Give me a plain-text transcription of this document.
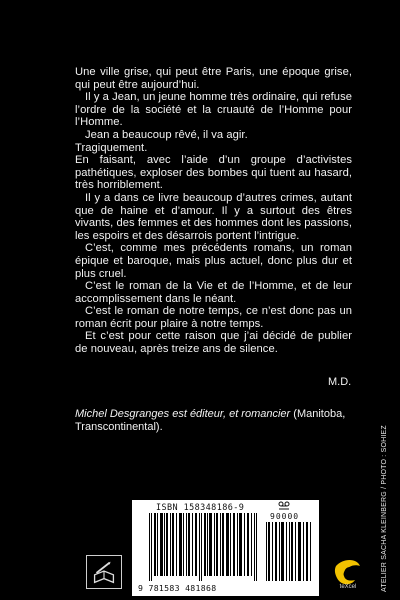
Une ville grise, qui peut être Paris, une époque grise, qui peut être aujourd’hui.

Il y a Jean, un jeune homme très ordinaire, qui refuse l’ordre de la société et la cruauté de l’Homme pour l’Homme.

Jean a beaucoup rêvé, il va agir.

Tragiquement.

En faisant, avec l’aide d’un groupe d’activistes pathétiques, exploser des bombes qui tuent au hasard, très horriblement.

Il y a dans ce livre beaucoup d’autres crimes, autant que de haine et d’amour. Il y a surtout des êtres vivants, des femmes et des hommes dont les passions, les espoirs et des désarrois portent l’intrigue.

C’est, comme mes précédents romans, un roman épique et baroque, mais plus actuel, donc plus dur et plus cruel.

C’est le roman de la Vie et de l’Homme, et de leur accomplissement dans le néant.

C’est le roman de notre temps, ce n’est donc pas un roman écrit pour plaire à notre temps.

Et c’est pour cette raison que j’ai décidé de publier de nouveau, après treize ans de silence.

M.D.
Michel Desgranges est éditeur, et romancier (Manitoba, Transcontinental).
ISBN 158348186-9
90000
9 781583 481868	teXcel	ATELIER SACHA KLEINBERG / PHOTO : SOHIEZ
